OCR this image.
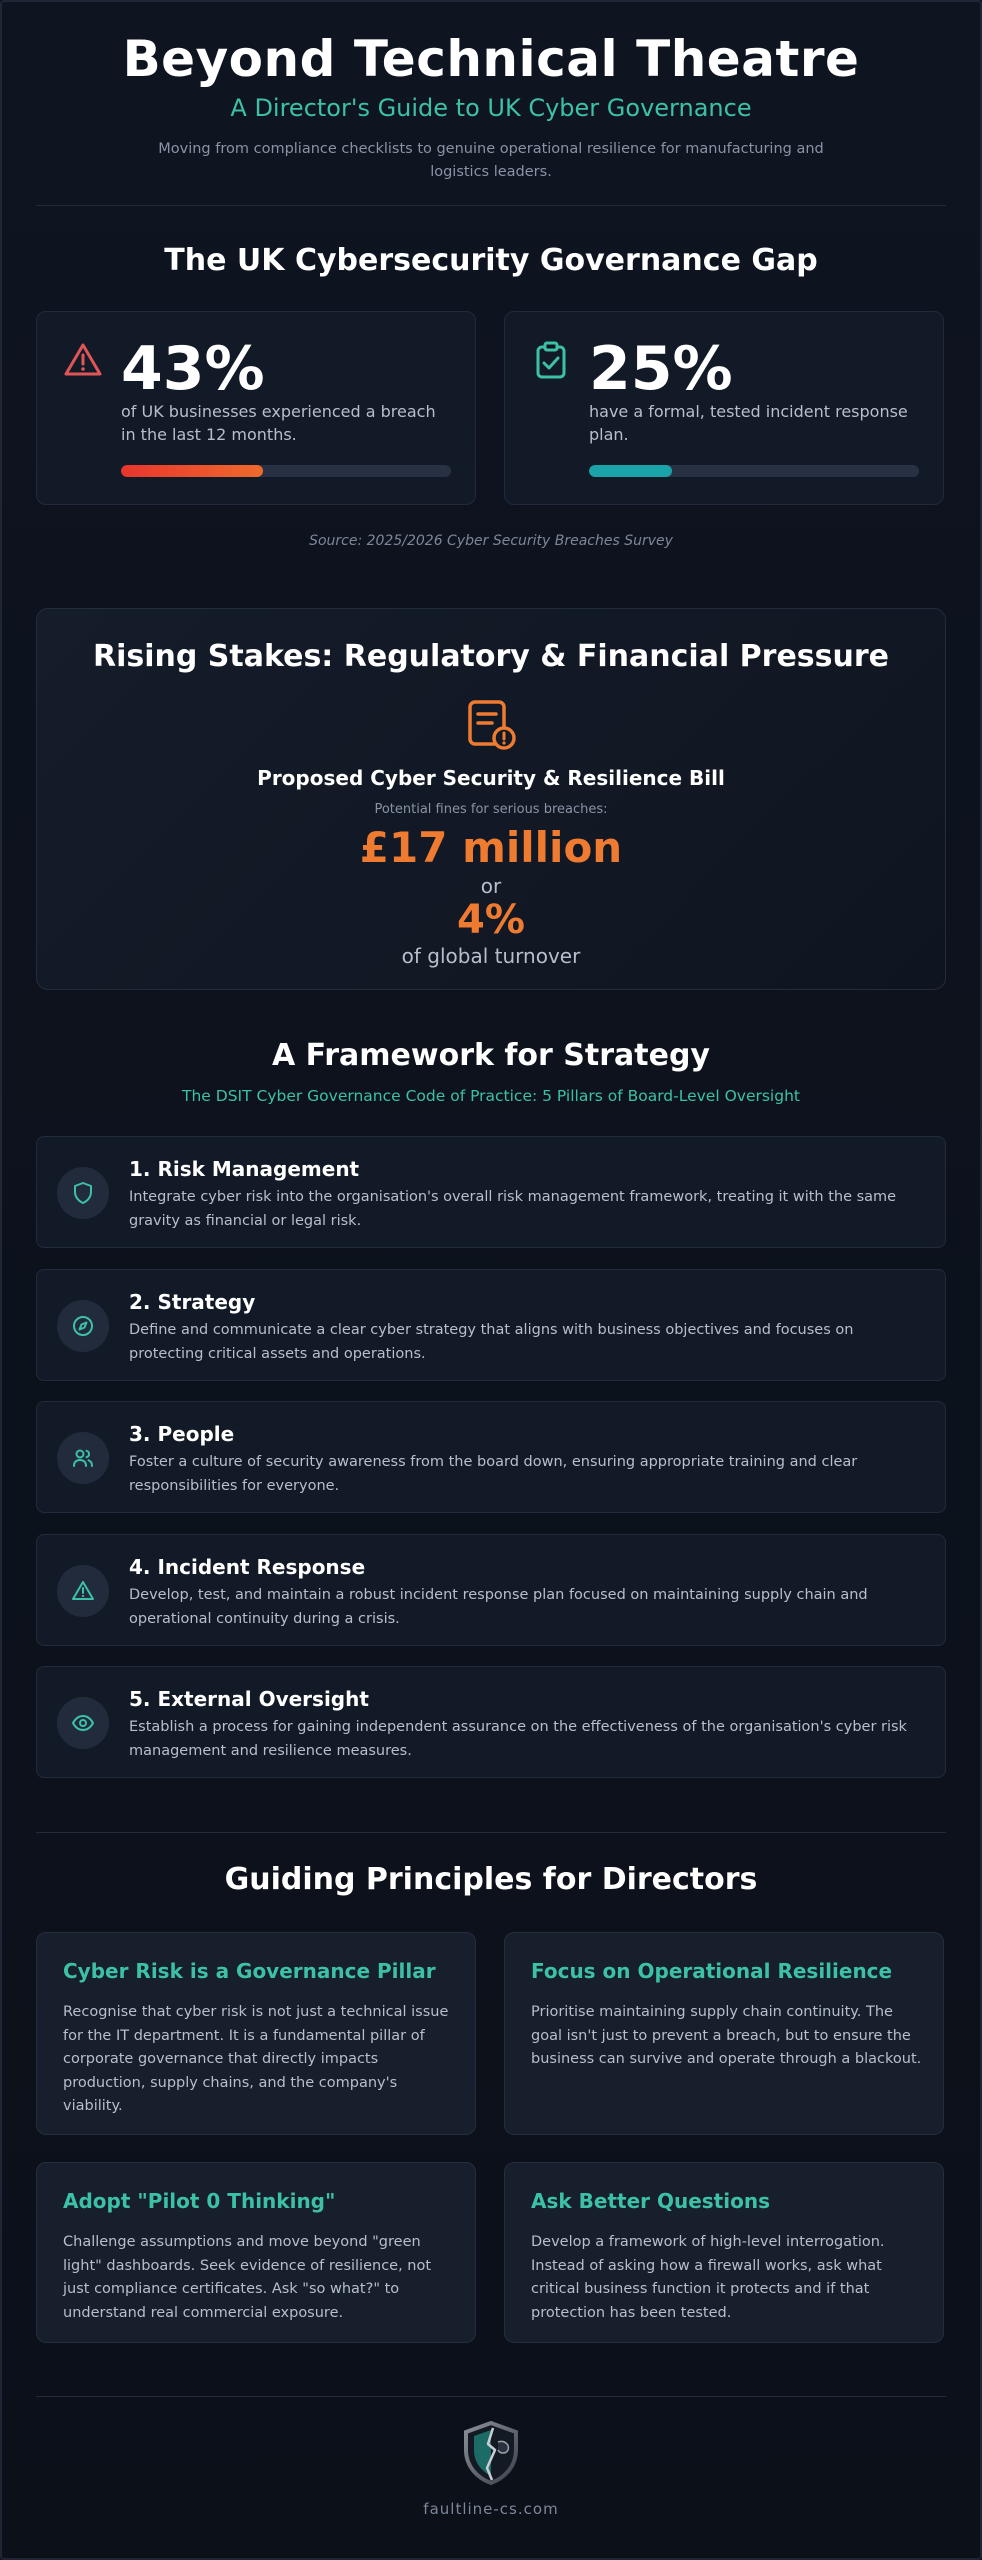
Beyond Technical Theatre
A Director's Guide to UK Cyber Governance

Moving from compliance checklists to genuine operational resilience for manufacturing and logistics leaders.

The UK Cybersecurity Governance Gap
43%
of UK businesses experienced a breach in the last 12 months.
25%
have a formal, tested incident response plan.
Source: 2025/2026 Cyber Security Breaches Survey
Rising Stakes: Regulatory & Financial Pressure
Proposed Cyber Security & Resilience Bill
Potential fines for serious breaches:
£17 million
or
4%
of global turnover
A Framework for Strategy
The DSIT Cyber Governance Code of Practice: 5 Pillars of Board-Level Oversight
1. Risk Management
Integrate cyber risk into the organisation's overall risk management framework, treating it with the same gravity as financial or legal risk.
2. Strategy
Define and communicate a clear cyber strategy that aligns with business objectives and focuses on protecting critical assets and operations.
3. People
Foster a culture of security awareness from the board down, ensuring appropriate training and clear responsibilities for everyone.
4. Incident Response
Develop, test, and maintain a robust incident response plan focused on maintaining supply chain and operational continuity during a crisis.
5. External Oversight
Establish a process for gaining independent assurance on the effectiveness of the organisation's cyber risk management and resilience measures.
Guiding Principles for Directors
Cyber Risk is a Governance Pillar
Recognise that cyber risk is not just a technical issue for the IT department. It is a fundamental pillar of corporate governance that directly impacts production, supply chains, and the company's viability.
Focus on Operational Resilience
Prioritise maintaining supply chain continuity. The goal isn't just to prevent a breach, but to ensure the business can survive and operate through a blackout.
Adopt "Pilot 0 Thinking"
Challenge assumptions and move beyond "green light" dashboards. Seek evidence of resilience, not just compliance certificates. Ask "so what?" to understand real commercial exposure.
Ask Better Questions
Develop a framework of high-level interrogation. Instead of asking how a firewall works, ask what critical business function it protects and if that protection has been tested.
faultline-cs.com
